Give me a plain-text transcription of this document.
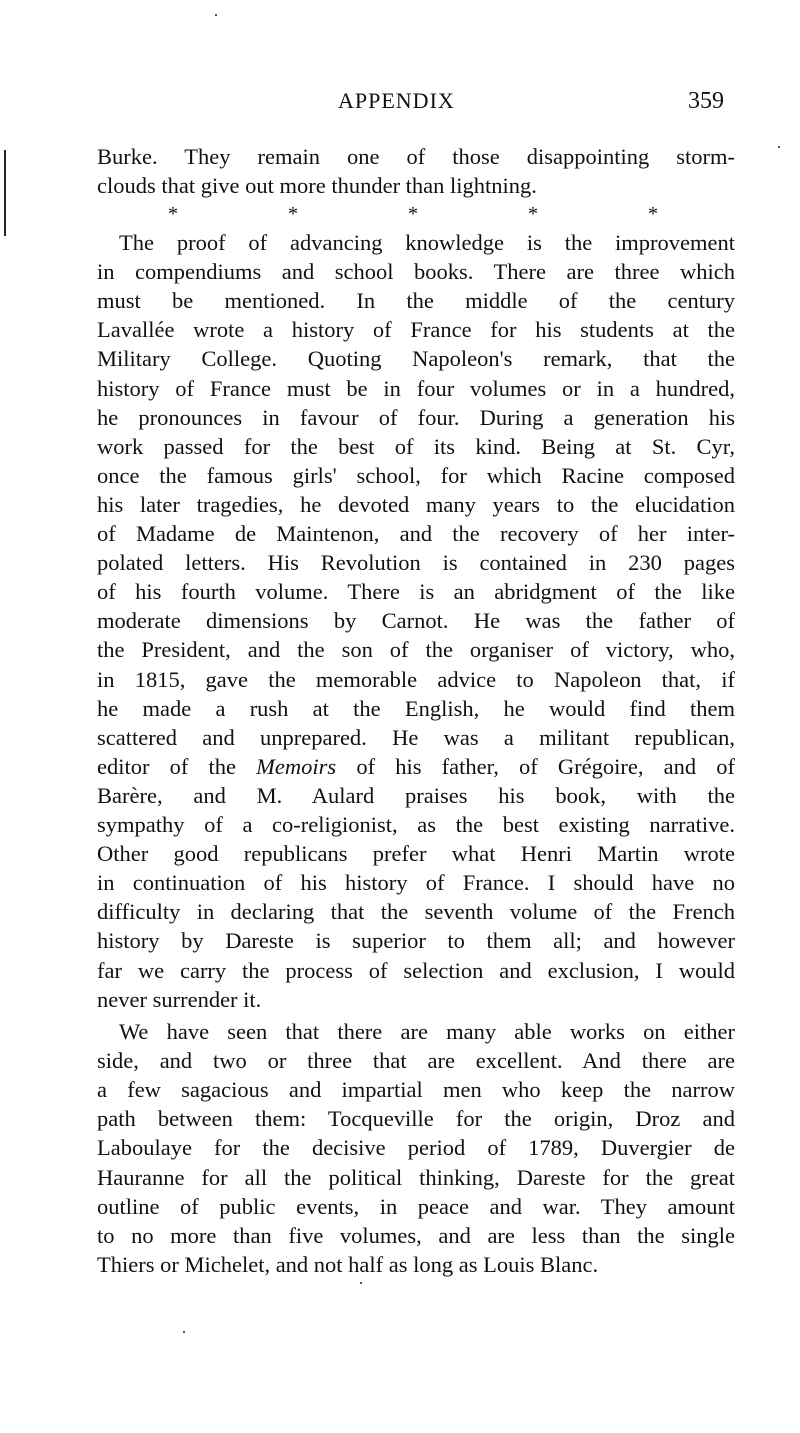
APPENDIX	359
*	*	*	*	*
Burke. They remain one of those disappointing storm-
clouds that give out more thunder than lightning.
The proof of advancing knowledge is the improvement
in compendiums and school books. There are three which
must be mentioned. In the middle of the century
Lavallée wrote a history of France for his students at the
Military College. Quoting Napoleon's remark, that the
history of France must be in four volumes or in a hundred,
he pronounces in favour of four. During a generation his
work passed for the best of its kind. Being at St. Cyr,
once the famous girls' school, for which Racine composed
his later tragedies, he devoted many years to the elucidation
of Madame de Maintenon, and the recovery of her inter-
polated letters. His Revolution is contained in 230 pages
of his fourth volume. There is an abridgment of the like
moderate dimensions by Carnot. He was the father of
the President, and the son of the organiser of victory, who,
in 1815, gave the memorable advice to Napoleon that, if
he made a rush at the English, he would find them
scattered and unprepared. He was a militant republican,
editor of the Memoirs of his father, of Grégoire, and of
Barère, and M. Aulard praises his book, with the
sympathy of a co-religionist, as the best existing narrative.
Other good republicans prefer what Henri Martin wrote
in continuation of his history of France. I should have no
difficulty in declaring that the seventh volume of the French
history by Dareste is superior to them all; and however
far we carry the process of selection and exclusion, I would
never surrender it.
We have seen that there are many able works on either
side, and two or three that are excellent. And there are
a few sagacious and impartial men who keep the narrow
path between them: Tocqueville for the origin, Droz and
Laboulaye for the decisive period of 1789, Duvergier de
Hauranne for all the political thinking, Dareste for the great
outline of public events, in peace and war. They amount
to no more than five volumes, and are less than the single
Thiers or Michelet, and not half as long as Louis Blanc.
